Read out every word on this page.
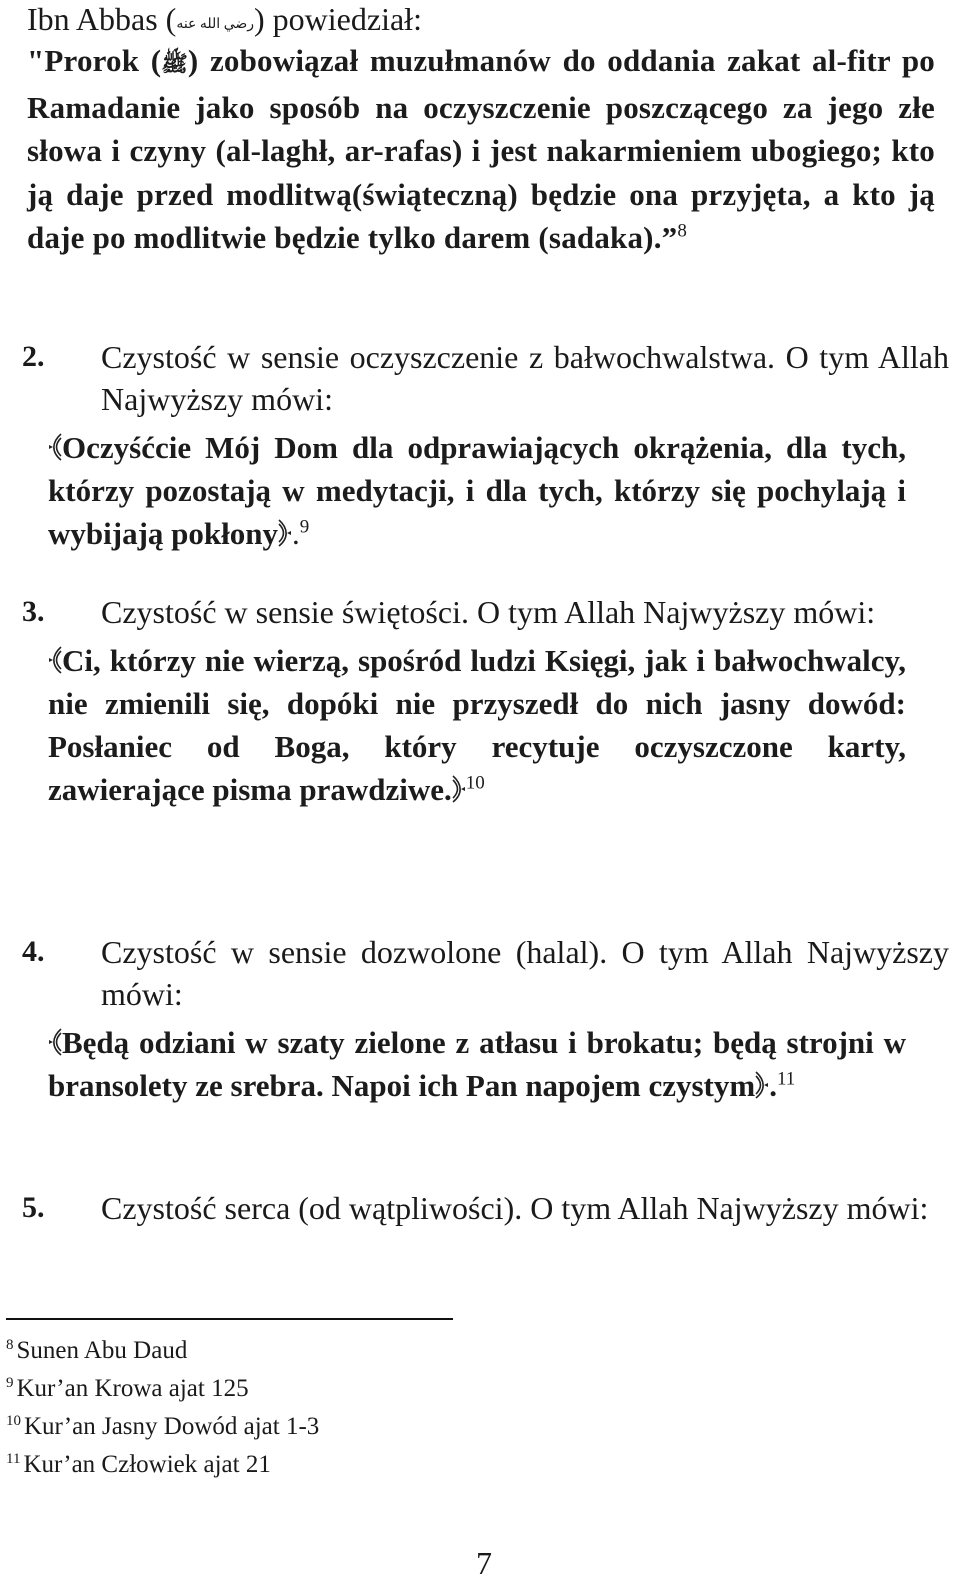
Ibn Abbas (رضي الله عنه) powiedział:
"Prorok (ﷺ) zobowiązał muzułmanów do oddania zakat al-fitr po Ramadanie jako sposób na oczyszczenie poszczącego za jego złe słowa i czyny (al-laghł, ar-rafas) i jest nakarmieniem ubogiego; kto ją daje przed modlitwą(świąteczną) będzie ona przyjęta, a kto ją daje po modlitwie będzie tylko darem (sadaka).”$^8$
2. Czystość w sensie oczyszczenie z bałwochwalstwa. O tym Allah Najwyższy mówi:
Oczyśćcie Mój Dom dla odprawiających okrążenia, dla tych, którzy pozostają w medytacji, i dla tych, którzy się pochylają i wybijają pokłony .$^9$
3. Czystość w sensie świętości. O tym Allah Najwyższy mówi:
Ci, którzy nie wierzą, spośród ludzi Księgi, jak i bałwochwalcy, nie zmienili się, dopóki nie przyszedł do nich jasny dowód: Posłaniec od Boga, który recytuje oczyszczone karty, zawierające pisma prawdziwe. $^{10}$
4. Czystość w sensie dozwolone (halal). O tym Allah Najwyższy mówi:
Będą odziani w szaty zielone z atłasu i brokatu; będą strojni w bransolety ze srebra. Napoi ich Pan napojem czystym .$^{11}$
5. Czystość serca (od wątpliwości). O tym Allah Najwyższy mówi:
$^8$ Sunen Abu Daud
$^9$ Kur’an Krowa ajat 125
$^{10}$ Kur’an Jasny Dowód ajat 1-3
$^{11}$ Kur’an Człowiek ajat 21
7
